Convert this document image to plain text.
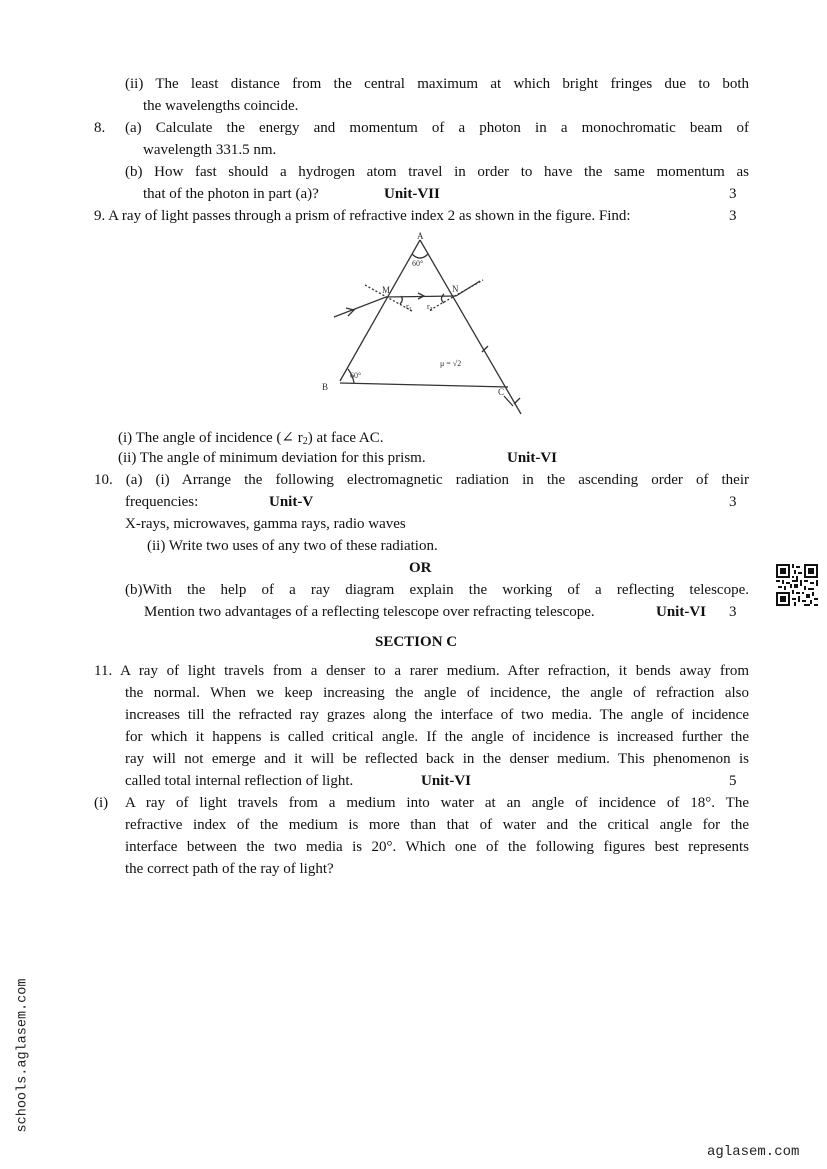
(ii) The least distance from the central maximum at which bright fringes due to both
the wavelengths coincide.
8. (a) Calculate the energy and momentum of a photon in a monochromatic beam of
wavelength 331.5 nm.
(b) How fast should a hydrogen atom travel in order to have the same momentum as
that of the photon in part (a)?	Unit-VII	3
9. A ray of light passes through a prism of refractive index 2 as shown in the figure. Find:	3
A
60°
M	N
$r_1$ $r_2$
μ = √2
60°
B	C
(i) The angle of incidence (∠ $r_2$) at face AC.
(ii) The angle of minimum deviation for this prism.	Unit-VI
10. (a) (i) Arrange the following electromagnetic radiation in the ascending order of their
frequencies:	Unit-V	3
X-rays, microwaves, gamma rays, radio waves
(ii) Write two uses of any two of these radiation.
OR
(b)With the help of a ray diagram explain the working of a reflecting telescope.
Mention two advantages of a reflecting telescope over refracting telescope.	Unit-VI 3
SECTION C
11. A ray of light travels from a denser to a rarer medium. After refraction, it bends away from
the normal. When we keep increasing the angle of incidence, the angle of refraction also
increases till the refracted ray grazes along the interface of two media. The angle of incidence
for which it happens is called critical angle. If the angle of incidence is increased further the
ray will not emerge and it will be reflected back in the denser medium. This phenomenon is
called total internal reflection of light.	Unit-VI	5
(i) A ray of light travels from a medium into water at an angle of incidence of 18°. The
refractive index of the medium is more than that of water and the critical angle for the
interface between the two media is 20°. Which one of the following figures best represents
the correct path of the ray of light?
schools.aglasem.com
aglasem.com
